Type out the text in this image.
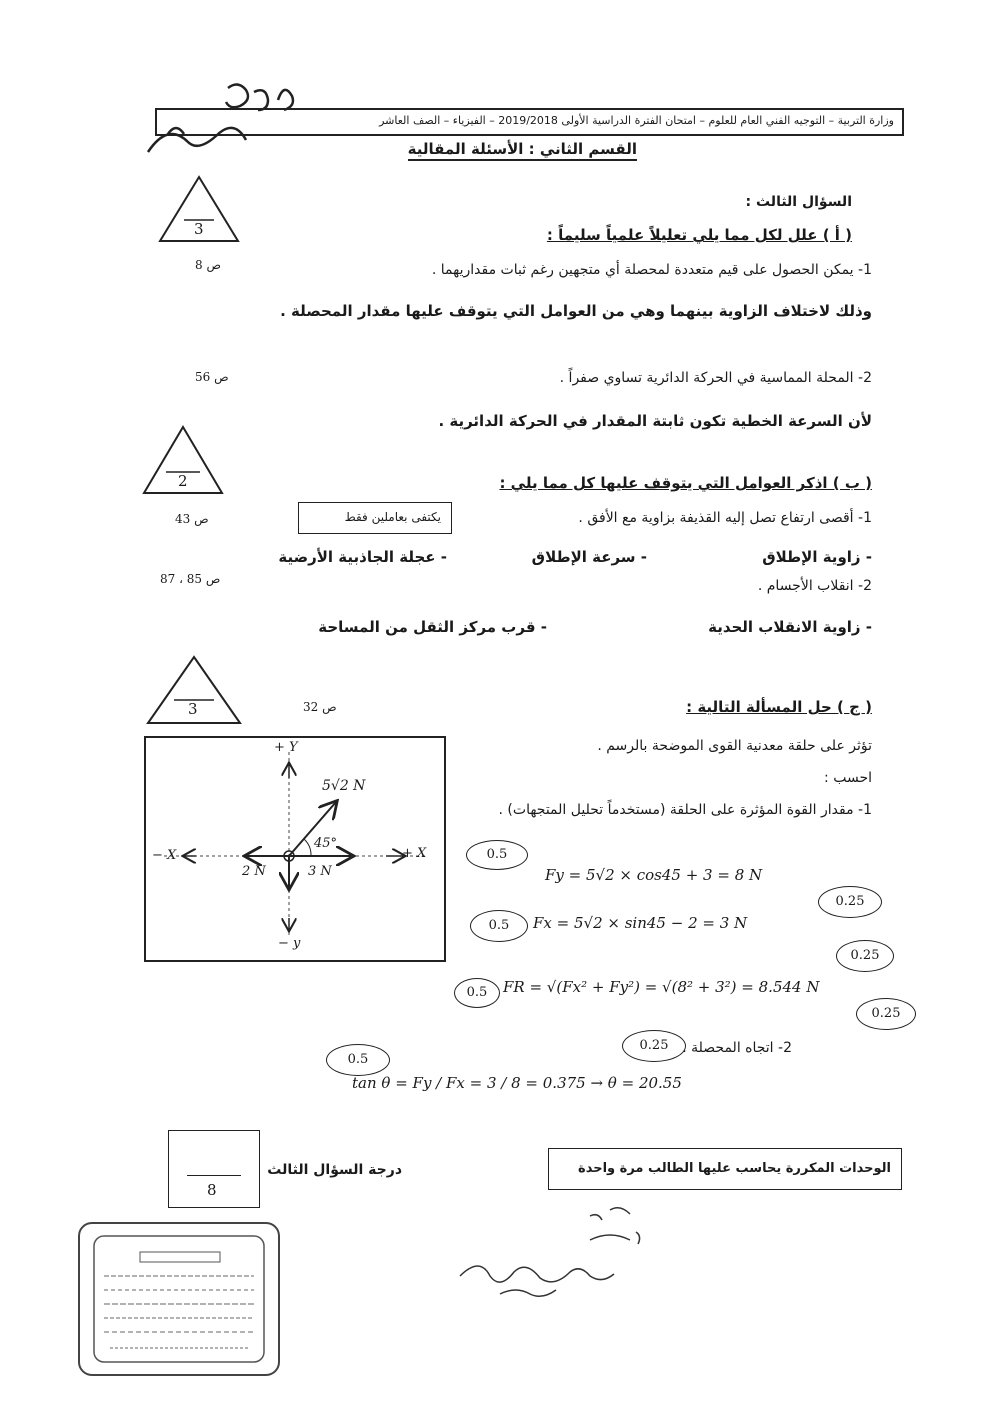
وزارة التربية – التوجيه الفني العام للعلوم – امتحان الفترة الدراسية الأولى 2019/2018 – الفيزياء – الصف العاشر
القسم الثاني : الأسئلة المقالية
السؤال الثالث :
3	( أ ) علل لكل مما يلي تعليلاً علمياً سليماً :
ص 8	1- يمكن الحصول على قيم متعددة لمحصلة أي متجهين رغم ثبات مقداريهما .
وذلك لاختلاف الزاوية بينهما وهي من العوامل التي يتوقف عليها مقدار المحصلة .
ص 56	2- المحلة المماسية في الحركة الدائرية تساوي صفراً .
لأن السرعة الخطية تكون ثابتة المقدار في الحركة الدائرية .
2	( ب ) اذكر العوامل التي يتوقف عليها كل مما يلي :
يكتفى بعاملين فقط
ص 43	1- أقصى ارتفاع تصل إليه القذيفة بزاوية مع الأفق .
- زاوية الإطلاق
- سرعة الإطلاق
- عجلة الجاذبية الأرضية
ص 85 ، 87	2- انقلاب الأجسام .
- زاوية الانقلاب الحدية
- قرب مركز الثقل من المساحة
3	ص 32	( ج ) حل المسألة التالية :
تؤثر على حلقة معدنية القوى الموضحة بالرسم .
احسب :
1- مقدار القوة المؤثرة على الحلقة (مستخدماً تحليل المتجهات) .
+ Y
− y
+ X
− X
5√2 N
45°
2 N	3 N
0.5
Fy = 5√2 × cos45 + 3 = 8 N
0.25
0.5	Fx = 5√2 × sin45 − 2 = 3 N
0.25
0.5	FR = √(Fx² + Fy²) = √(8² + 3²) = 8.544 N
0.25
0.25 2- اتجاه المحصلة .
0.5
tan θ = Fy / Fx = 3 / 8 = 0.375 → θ = 20.55
8
درجة السؤال الثالث	الوحدات المكررة يحاسب عليها الطالب مرة واحدة
